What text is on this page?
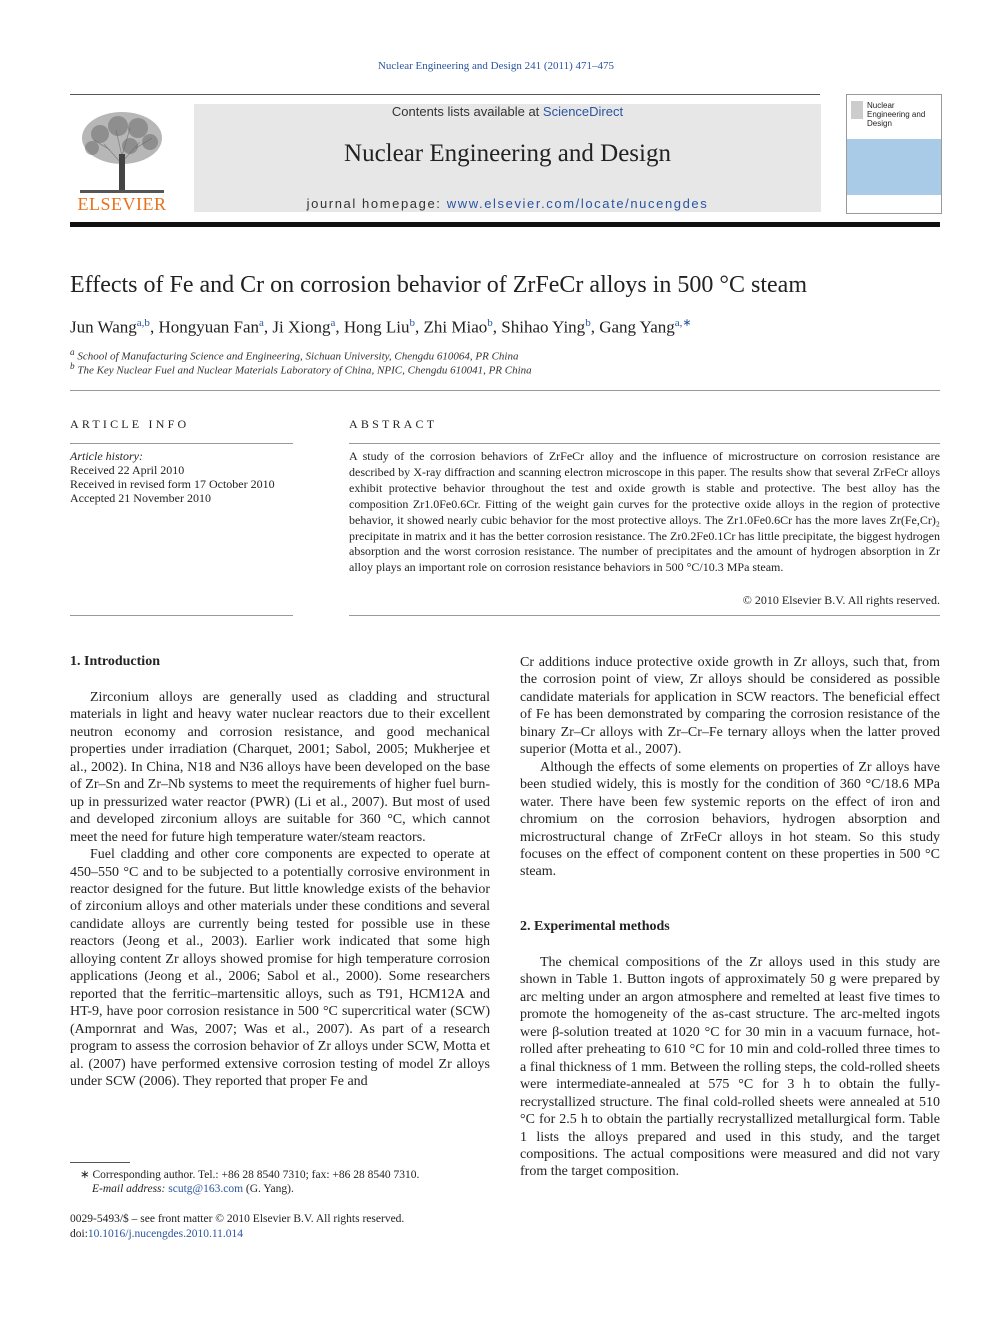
Nuclear Engineering and Design 241 (2011) 471–475
ELSEVIER
Contents lists available at ScienceDirect
Nuclear Engineering and Design
journal homepage: www.elsevier.com/locate/nucengdes
Nuclear Engineering and Design
Effects of Fe and Cr on corrosion behavior of ZrFeCr alloys in 500 °C steam
Jun Wang$^{a,b}$, Hongyuan Fan$^a$, Ji Xiong$^a$, Hong Liu$^b$, Zhi Miao$^b$, Shihao Ying$^b$, Gang Yang$^{a,∗}$
$^a$ School of Manufacturing Science and Engineering, Sichuan University, Chengdu 610064, PR China
$^b$ The Key Nuclear Fuel and Nuclear Materials Laboratory of China, NPIC, Chengdu 610041, PR China
ARTICLE INFO
Article history:
Received 22 April 2010
Received in revised form 17 October 2010
Accepted 21 November 2010
ABSTRACT
A study of the corrosion behaviors of ZrFeCr alloy and the influence of microstructure on corrosion resistance are described by X-ray diffraction and scanning electron microscope in this paper. The results show that several ZrFeCr alloys exhibit protective behavior throughout the test and oxide growth is stable and protective. The best alloy has the composition Zr1.0Fe0.6Cr. Fitting of the weight gain curves for the protective oxide alloys in the region of protective behavior, it showed nearly cubic behavior for the most protective alloys. The Zr1.0Fe0.6Cr has the more laves Zr(Fe,Cr)₂ precipitate in matrix and it has the better corrosion resistance. The Zr0.2Fe0.1Cr has little precipitate, the biggest hydrogen absorption and the worst corrosion resistance. The number of precipitates and the amount of hydrogen absorption in Zr alloy plays an important role on corrosion resistance behaviors in 500 °C/10.3 MPa steam.
© 2010 Elsevier B.V. All rights reserved.
1. Introduction

Zirconium alloys are generally used as cladding and structural materials in light and heavy water nuclear reactors due to their excellent neutron economy and corrosion resistance, and good mechanical properties under irradiation (Charquet, 2001; Sabol, 2005; Mukherjee et al., 2002). In China, N18 and N36 alloys have been developed on the base of Zr–Sn and Zr–Nb systems to meet the requirements of higher fuel burn-up in pressurized water reactor (PWR) (Li et al., 2007). But most of used and developed zirconium alloys are suitable for 360 °C, which cannot meet the need for future high temperature water/steam reactors.

Fuel cladding and other core components are expected to operate at 450–550 °C and to be subjected to a potentially corrosive environment in reactor designed for the future. But little knowledge exists of the behavior of zirconium alloys and other materials under these conditions and several candidate alloys are currently being tested for possible use in these reactors (Jeong et al., 2003). Earlier work indicated that some high alloying content Zr alloys showed promise for high temperature corrosion applications (Jeong et al., 2006; Sabol et al., 2000). Some researchers reported that the ferritic–martensitic alloys, such as T91, HCM12A and HT-9, have poor corrosion resistance in 500 °C supercritical water (SCW) (Ampornrat and Was, 2007; Was et al., 2007). As part of a research program to assess the corrosion behavior of Zr alloys under SCW, Motta et al. (2007) have performed extensive corrosion testing of model Zr alloys under SCW (2006). They reported that proper Fe and

Cr additions induce protective oxide growth in Zr alloys, such that, from the corrosion point of view, Zr alloys should be considered as possible candidate materials for application in SCW reactors. The beneficial effect of Fe has been demonstrated by comparing the corrosion resistance of the binary Zr–Cr alloys with Zr–Cr–Fe ternary alloys when the latter proved superior (Motta et al., 2007).

Although the effects of some elements on properties of Zr alloys have been studied widely, this is mostly for the condition of 360 °C/18.6 MPa water. There have been few systemic reports on the effect of iron and chromium on the corrosion behaviors, hydrogen absorption and microstructural change of ZrFeCr alloys in hot steam. So this study focuses on the effect of component content on these properties in 500 °C steam.

2. Experimental methods

The chemical compositions of the Zr alloys used in this study are shown in Table 1. Button ingots of approximately 50 g were prepared by arc melting under an argon atmosphere and remelted at least five times to promote the homogeneity of the as-cast structure. The arc-melted ingots were β-solution treated at 1020 °C for 30 min in a vacuum furnace, hot-rolled after preheating to 610 °C for 10 min and cold-rolled three times to a final thickness of 1 mm. Between the rolling steps, the cold-rolled sheets were intermediate-annealed at 575 °C for 3 h to obtain the fully-recrystallized structure. The final cold-rolled sheets were annealed at 510 °C for 2.5 h to obtain the partially recrystallized metallurgical form. Table 1 lists the alloys prepared and used in this study, and the target compositions. The actual compositions were measured and did not vary from the target composition.

∗ Corresponding author. Tel.: +86 28 8540 7310; fax: +86 28 8540 7310.
E-mail address: scutg@163.com (G. Yang).
0029-5493/$ – see front matter © 2010 Elsevier B.V. All rights reserved.
doi:10.1016/j.nucengdes.2010.11.014
